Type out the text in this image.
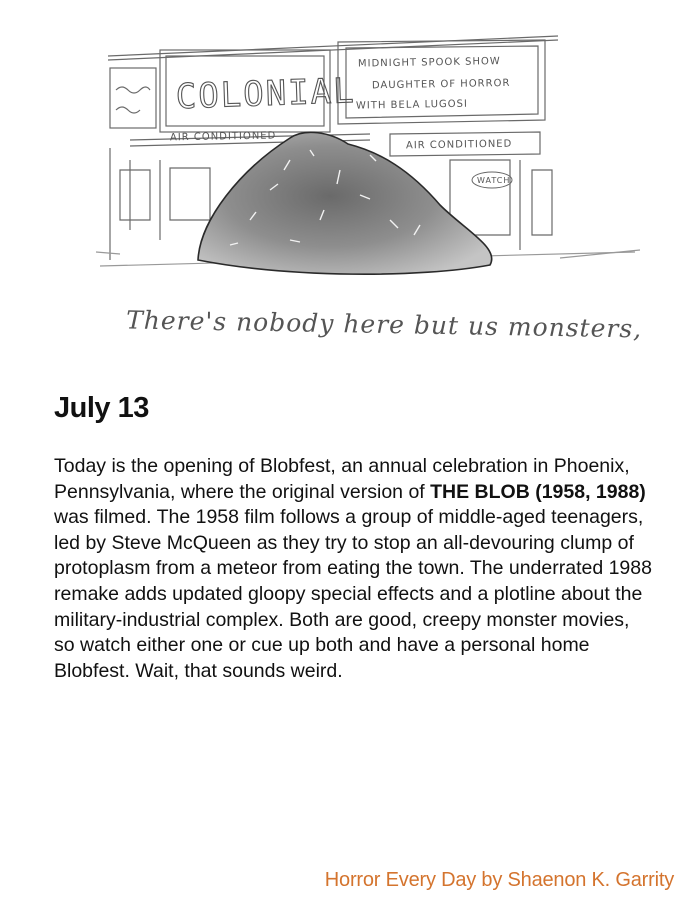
COLONIAL
MIDNIGHT SPOOK SHOW
DAUGHTER OF HORROR
WITH BELA LUGOSI
AIR CONDITIONED
AIR CONDITIONED
WATCH
There's nobody here but us monsters,
July 13
Today is the opening of Blobfest, an annual celebration in Phoenix, Pennsylvania, where the original version of THE BLOB (1958, 1988) was filmed. The 1958 film follows a group of middle-aged teenagers, led by Steve McQueen as they try to stop an all-devouring clump of protoplasm from a meteor from eating the town. The underrated 1988 remake adds updated gloopy special effects and a plotline about the military-industrial complex. Both are good, creepy monster movies, so watch either one or cue up both and have a personal home Blobfest. Wait, that sounds weird.
Horror Every Day by Shaenon K. Garrity
